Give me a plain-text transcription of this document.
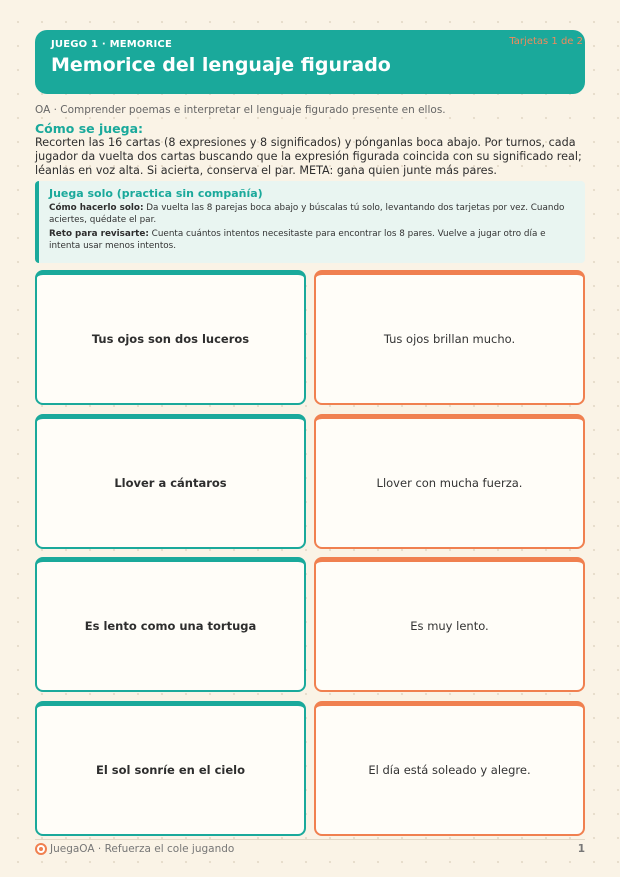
JUEGO 1 · MEMORICE
Memorice del lenguaje figurado
Tarjetas 1 de 2
OA · Comprender poemas e interpretar el lenguaje figurado presente en ellos.
Cómo se juega:
Recorten las 16 cartas (8 expresiones y 8 significados) y pónganlas boca abajo. Por turnos, cada jugador da vuelta dos cartas buscando que la expresión figurada coincida con su significado real; léanlas en voz alta. Si acierta, conserva el par. META: gana quien junte más pares.
Juega solo (practica sin compañía)
Cómo hacerlo solo: Da vuelta las 8 parejas boca abajo y búscalas tú solo, levantando dos tarjetas por vez. Cuando aciertes, quédate el par.
Reto para revisarte: Cuenta cuántos intentos necesitaste para encontrar los 8 pares. Vuelve a jugar otro día e intenta usar menos intentos.
Tus ojos son dos luceros	Tus ojos brillan mucho.
Llover a cántaros	Llover con mucha fuerza.
Es lento como una tortuga	Es muy lento.
El sol sonríe en el cielo	El día está soleado y alegre.
JuegaOA · Refuerza el cole jugando	1
